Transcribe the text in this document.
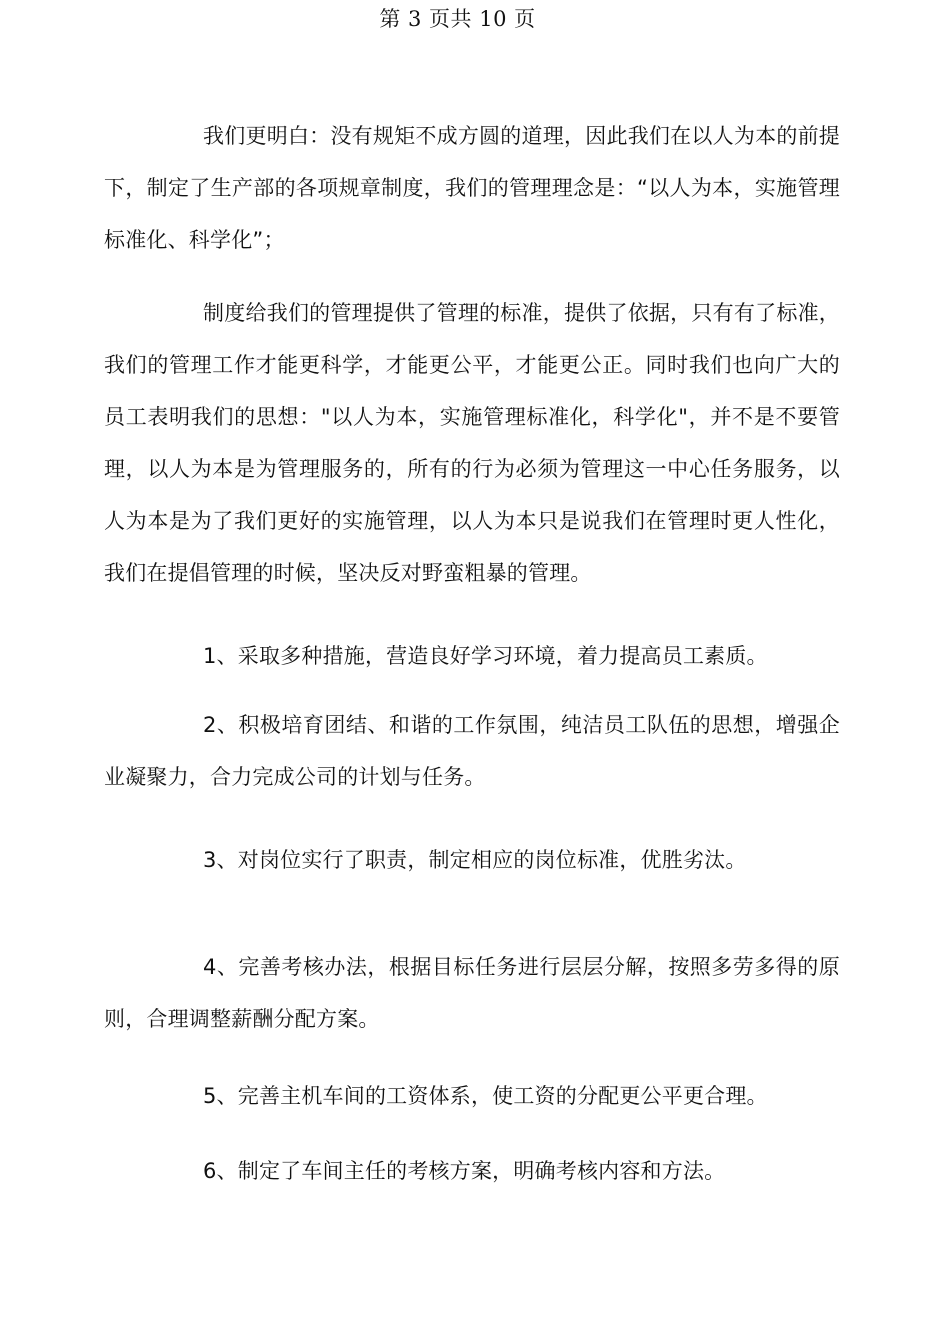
第 3 页共 10 页

我们更明白：没有规矩不成方圆的道理，因此我们在以人为本的前提下，制定了生产部的各项规章制度，我们的管理理念是：“以人为本，实施管理标准化、科学化”；

制度给我们的管理提供了管理的标准，提供了依据，只有有了标准，我们的管理工作才能更科学，才能更公平，才能更公正。同时我们也向广大的员工表明我们的思想："以人为本，实施管理标准化，科学化"，并不是不要管理，以人为本是为管理服务的，所有的行为必须为管理这一中心任务服务，以人为本是为了我们更好的实施管理，以人为本只是说我们在管理时更人性化，我们在提倡管理的时候，坚决反对野蛮粗暴的管理。

1、采取多种措施，营造良好学习环境，着力提高员工素质。

2、积极培育团结、和谐的工作氛围，纯洁员工队伍的思想，增强企业凝聚力，合力完成公司的计划与任务。

3、对岗位实行了职责，制定相应的岗位标准，优胜劣汰。

4、完善考核办法，根据目标任务进行层层分解，按照多劳多得的原则，合理调整薪酬分配方案。

5、完善主机车间的工资体系，使工资的分配更公平更合理。

6、制定了车间主任的考核方案，明确考核内容和方法。
